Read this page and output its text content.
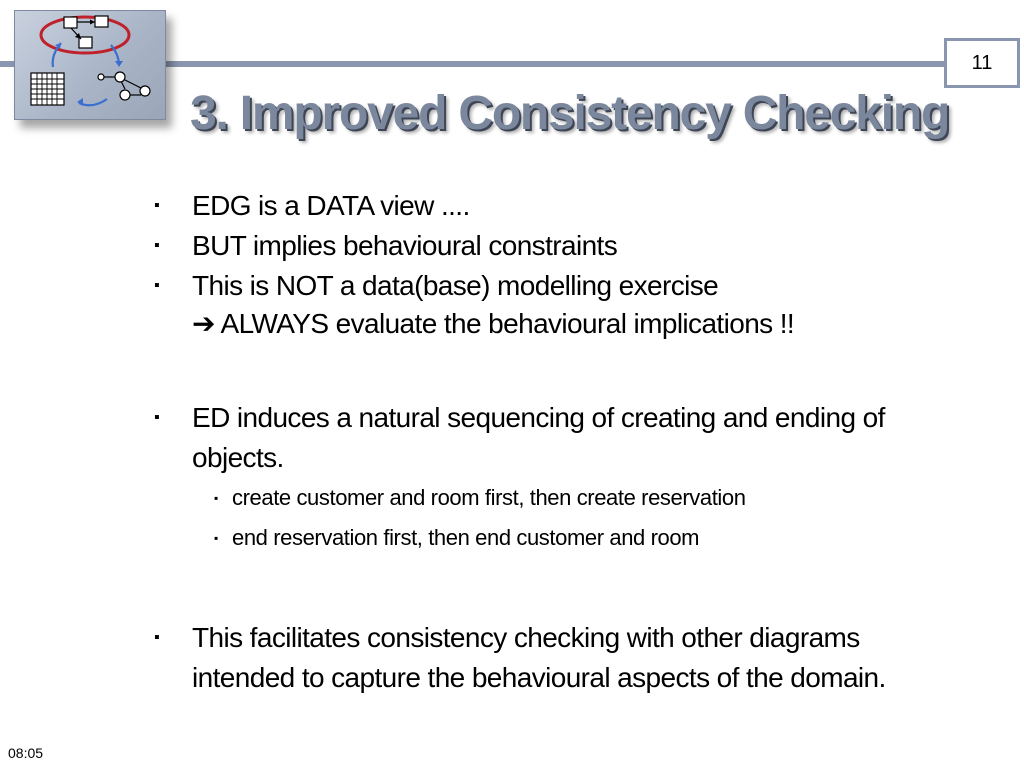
11
3. Improved Consistency Checking
▪ EDG is a DATA view ....
▪ BUT implies behavioural constraints
▪ This is NOT a data(base) modelling exercise
➔ ALWAYS evaluate the behavioural implications !!
▪ ED induces a natural sequencing of creating and ending of
objects.
▪ create customer and room first, then create reservation
▪ end reservation first, then end customer and room
▪ This facilitates consistency checking with other diagrams
intended to capture the behavioural aspects of the domain.
08:05
